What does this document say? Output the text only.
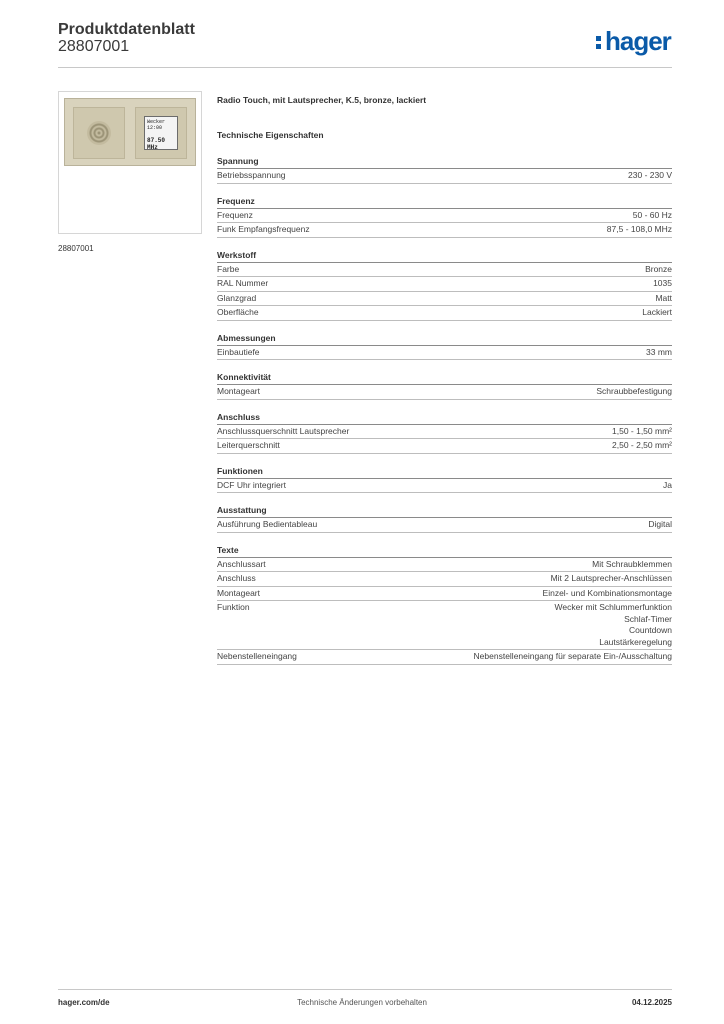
Produktdatenblatt
28807001	hager
Wecker 12:00
87.50 MHz
28807001
Radio Touch, mit Lautsprecher, K.5, bronze, lackiert
Technische Eigenschaften
Spannung
Betriebsspannung	230 - 230 V
Frequenz
Frequenz	50 - 60 Hz
Funk Empfangsfrequenz	87,5 - 108,0 MHz
Werkstoff
Farbe	Bronze
RAL Nummer	1035
Glanzgrad	Matt
Oberfläche	Lackiert
Abmessungen
Einbautiefe	33 mm
Konnektivität
Montageart	Schraubbefestigung
Anschluss
Anschlussquerschnitt Lautsprecher	1,50 - 1,50 mm²
Leiterquerschnitt	2,50 - 2,50 mm²
Funktionen
DCF Uhr integriert	Ja
Ausstattung
Ausführung Bedientableau	Digital
Texte
Anschlussart	Mit Schraubklemmen
Anschluss	Mit 2 Lautsprecher-Anschlüssen
Montageart	Einzel- und Kombinationsmontage
Funktion	Wecker mit Schlummerfunktion
Schlaf-Timer
Countdown
Lautstärkeregelung
Nebenstelleneingang	Nebenstelleneingang für separate Ein-/Ausschaltung
hager.com/de	Technische Änderungen vorbehalten	04.12.2025
